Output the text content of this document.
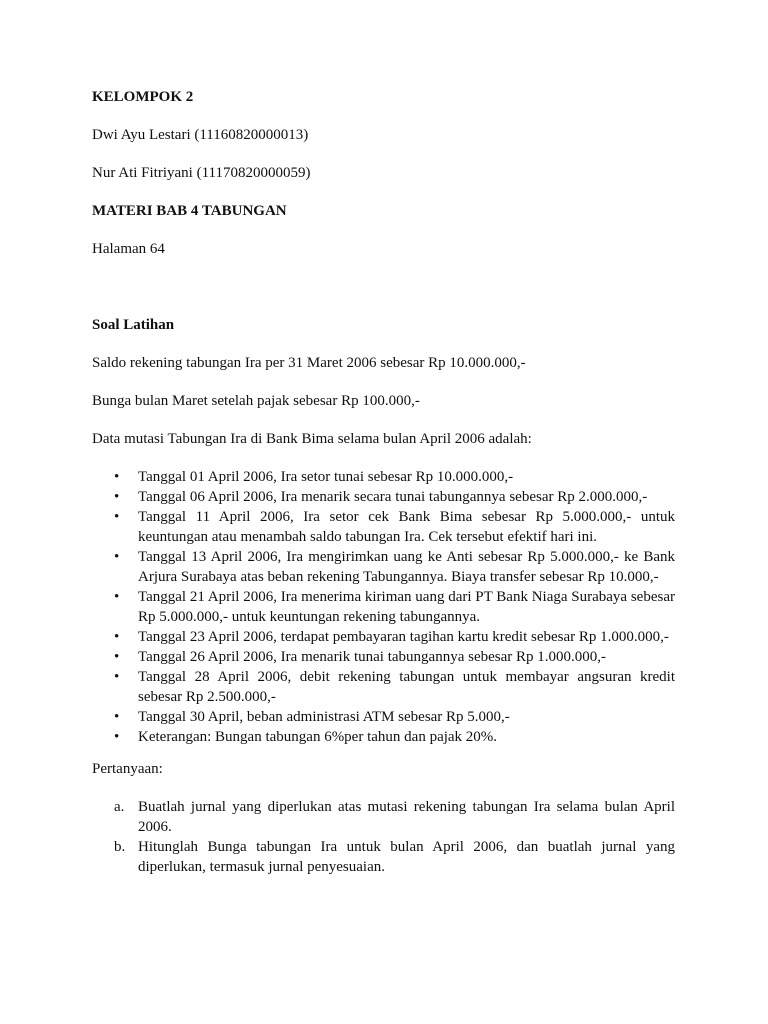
KELOMPOK 2

Dwi Ayu Lestari (11160820000013)

Nur Ati Fitriyani (11170820000059)

MATERI BAB 4 TABUNGAN

Halaman 64

Soal Latihan

Saldo rekening tabungan Ira per 31 Maret 2006 sebesar Rp 10.000.000,-

Bunga bulan Maret setelah pajak sebesar Rp 100.000,-

Data mutasi Tabungan Ira di Bank Bima selama bulan April 2006 adalah:

• Tanggal 01 April 2006, Ira setor tunai sebesar Rp 10.000.000,-
• Tanggal 06 April 2006, Ira menarik secara tunai tabungannya sebesar Rp 2.000.000,-
• Tanggal 11 April 2006, Ira setor cek Bank Bima sebesar Rp 5.000.000,- untuk keuntungan atau menambah saldo tabungan Ira. Cek tersebut efektif hari ini.
• Tanggal 13 April 2006, Ira mengirimkan uang ke Anti sebesar Rp 5.000.000,- ke Bank Arjura Surabaya atas beban rekening Tabungannya. Biaya transfer sebesar Rp 10.000,-
• Tanggal 21 April 2006, Ira menerima kiriman uang dari PT Bank Niaga Surabaya sebesar Rp 5.000.000,- untuk keuntungan rekening tabungannya.
• Tanggal 23 April 2006, terdapat pembayaran tagihan kartu kredit sebesar Rp 1.000.000,-
• Tanggal 26 April 2006, Ira menarik tunai tabungannya sebesar Rp 1.000.000,-
• Tanggal 28 April 2006, debit rekening tabungan untuk membayar angsuran kredit sebesar Rp 2.500.000,-
• Tanggal 30 April, beban administrasi ATM sebesar Rp 5.000,-
• Keterangan: Bungan tabungan 6%per tahun dan pajak 20%.

Pertanyaan:

a. Buatlah jurnal yang diperlukan atas mutasi rekening tabungan Ira selama bulan April 2006.
b. Hitunglah Bunga tabungan Ira untuk bulan April 2006, dan buatlah jurnal yang diperlukan, termasuk jurnal penyesuaian.
